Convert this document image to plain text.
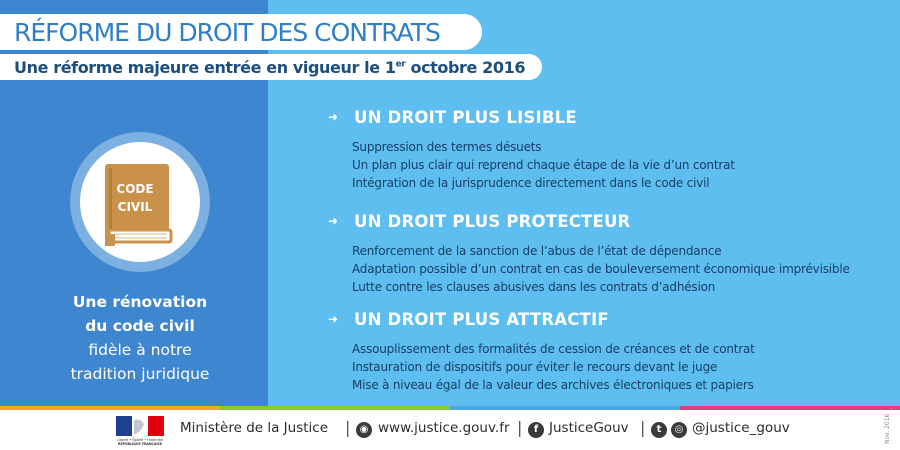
RÉFORME DU DROIT DES CONTRATS
Une réforme majeure entrée en vigueur le 1er octobre 2016
CODE
CIVIL
Une rénovation
du code civil
fidèle à notre
tradition juridique
➜ UN DROIT PLUS LISIBLE
Suppression des termes désuets
Un plan plus clair qui reprend chaque étape de la vie d’un contrat
Intégration de la jurisprudence directement dans le code civil
➜ UN DROIT PLUS PROTECTEUR
Renforcement de la sanction de l’abus de l’état de dépendance
Adaptation possible d’un contrat en cas de bouleversement économique imprévisible
Lutte contre les clauses abusives dans les contrats d’adhésion
➜ UN DROIT PLUS ATTRACTIF
Assouplissement des formalités de cession de créances et de contrat
Instauration de dispositifs pour éviter le recours devant le juge
Mise à niveau égal de la valeur des archives électroniques et papiers
Liberté • Égalité • Fraternité
RÉPUBLIQUE FRANÇAISE
Ministère de la Justice | ◉ www.justice.gouv.fr |	f JusticeGouv |	t	◎ @justice_gouv	Nov. 2016
